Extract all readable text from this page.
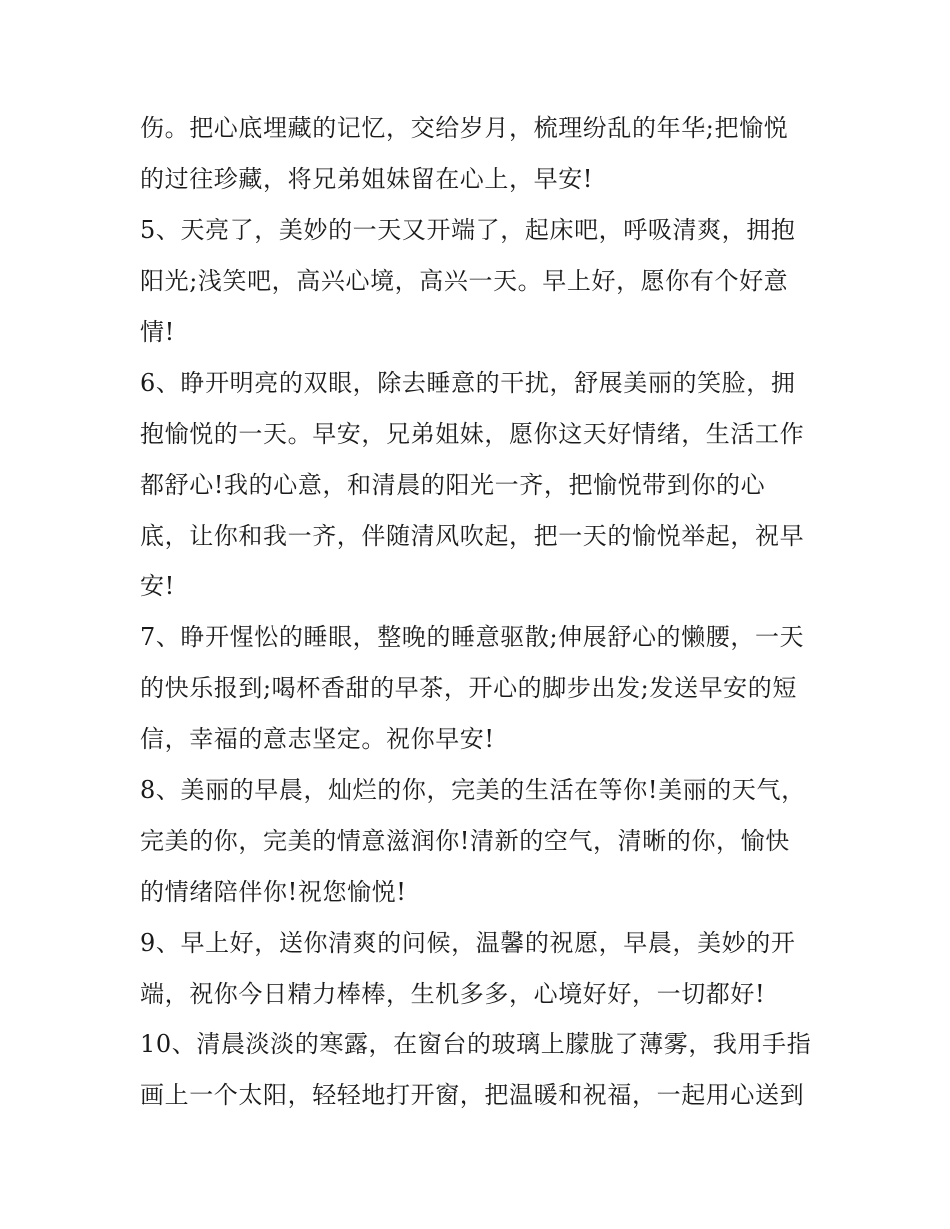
伤。把心底埋藏的记忆，交给岁月，梳理纷乱的年华;把愉悦
的过往珍藏，将兄弟姐妹留在心上，早安!
5、天亮了，美妙的一天又开端了，起床吧，呼吸清爽，拥抱
阳光;浅笑吧，高兴心境，高兴一天。早上好，愿你有个好意
情!
6、睁开明亮的双眼，除去睡意的干扰，舒展美丽的笑脸，拥
抱愉悦的一天。早安，兄弟姐妹，愿你这天好情绪，生活工作
都舒心!我的心意，和清晨的阳光一齐，把愉悦带到你的心
底，让你和我一齐，伴随清风吹起，把一天的愉悦举起，祝早
安!
7、睁开惺忪的睡眼，整晚的睡意驱散;伸展舒心的懒腰，一天
的快乐报到;喝杯香甜的早茶，开心的脚步出发;发送早安的短
信，幸福的意志坚定。祝你早安!
8、美丽的早晨，灿烂的你，完美的生活在等你!美丽的天气，
完美的你，完美的情意滋润你!清新的空气，清晰的你，愉快
的情绪陪伴你!祝您愉悦!
9、早上好，送你清爽的问候，温馨的祝愿，早晨，美妙的开
端，祝你今日精力棒棒，生机多多，心境好好，一切都好!
10、清晨淡淡的寒露，在窗台的玻璃上朦胧了薄雾，我用手指
画上一个太阳，轻轻地打开窗，把温暖和祝福，一起用心送到
